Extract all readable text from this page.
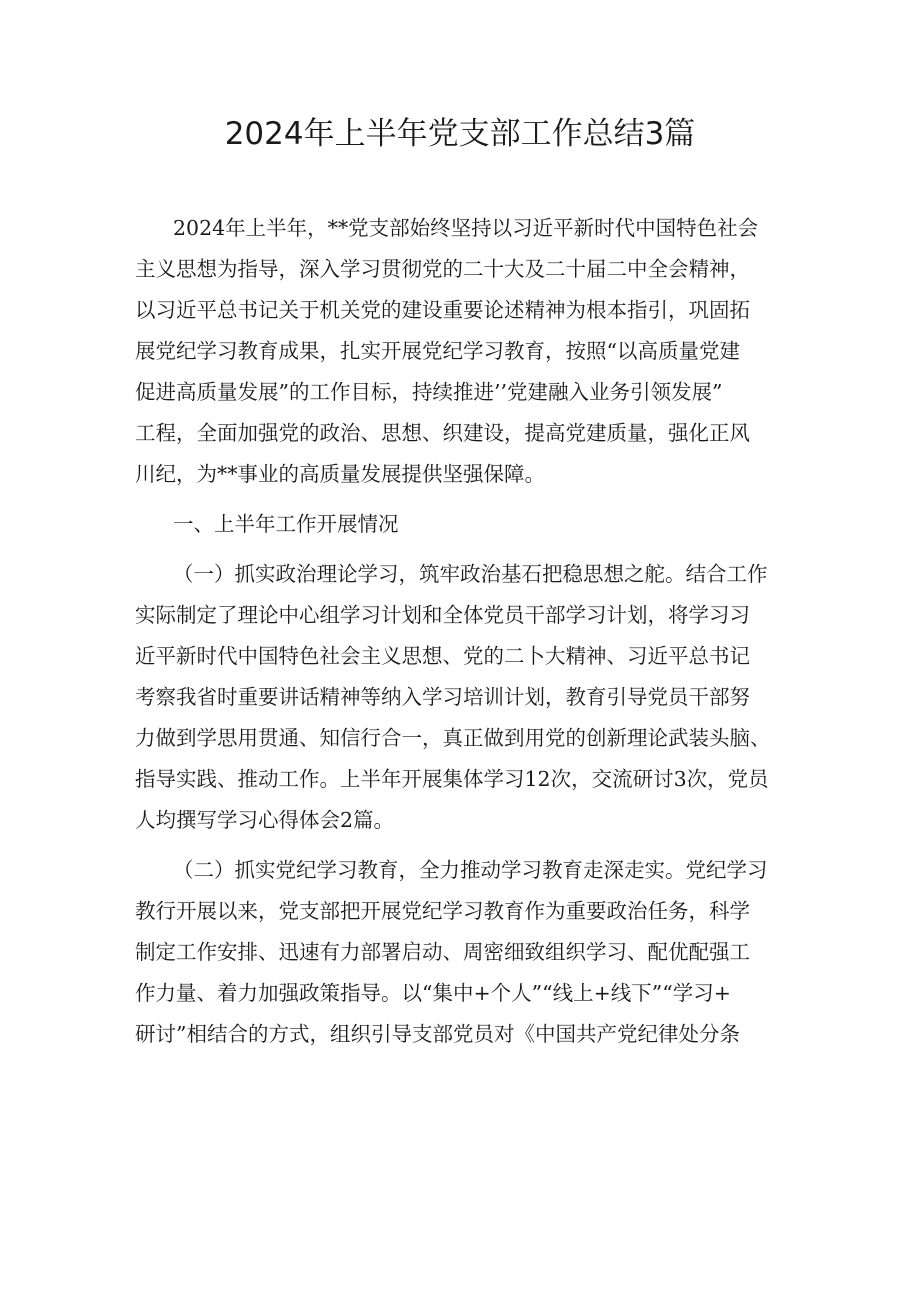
2024年上半年党支部工作总结3篇

2024年上半年，**党支部始终坚持以习近平新时代中国特色社会
主义思想为指导，深入学习贯彻党的二十大及二十届二中全会精神，
以习近平总书记关于机关党的建设重要论述精神为根本指引，巩固拓
展党纪学习教育成果，扎实开展党纪学习教育，按照“以高质量党建
促进高质量发展”的工作目标，持续推进’’党建融入业务引领发展”
工程，全面加强党的政治、思想、织建设，提高党建质量，强化正风
川纪，为**事业的高质量发展提供坚强保障。

一、上半年工作开展情况

（一）抓实政治理论学习，筑牢政治基石把稳思想之舵。结合工作
实际制定了理论中心组学习计划和全体党员干部学习计划，将学习习
近平新时代中国特色社会主义思想、党的二卜大精神、习近平总书记
考察我省时重要讲话精神等纳入学习培训计划，教育引导党员干部努
力做到学思用贯通、知信行合一，真正做到用党的创新理论武装头脑、
指导实践、推动工作。上半年开展集体学习12次，交流研讨3次，党员
人均撰写学习心得体会2篇。

（二）抓实党纪学习教育，全力推动学习教育走深走实。党纪学习
教行开展以来，党支部把开展党纪学习教育作为重要政治任务，科学
制定工作安排、迅速有力部署启动、周密细致组织学习、配优配强工
作力量、着力加强政策指导。以“集中+个人”“线上+线下”“学习+
研讨”相结合的方式，组织引导支部党员对《中国共产党纪律处分条
